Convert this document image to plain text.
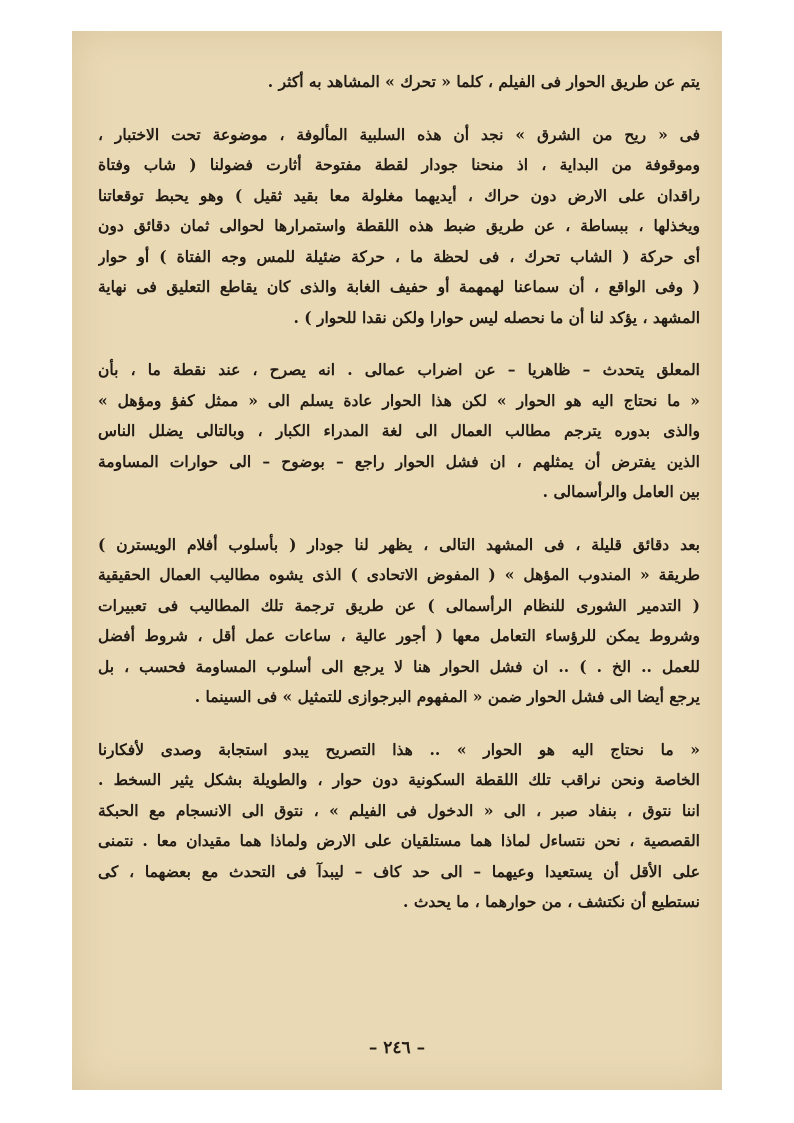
يتم عن طريق الحوار فى الفيلم ، كلما « تحرك » المشاهد به أكثر .
فى « ريح من الشرق » نجد أن هذه السلبية المألوفة ، موضوعة تحت الاختبار ،
وموقوفة من البداية ، اذ منحنا جودار لقطة مفتوحة أثارت فضولنا ( شاب وفتاة
راقدان على الارض دون حراك ، أيديهما مغلولة معا بقيد ثقيل ) وهو يحبط توقعاتنا
ويخذلها ، ببساطة ، عن طريق ضبط هذه اللقطة واستمرارها لحوالى ثمان دقائق دون
أى حركة ( الشاب تحرك ، فى لحظة ما ، حركة ضئيلة للمس وجه الفتاة ) أو حوار
( وفى الواقع ، أن سماعنا لهمهمة أو حفيف الغابة والذى كان يقاطع التعليق فى نهاية
المشهد ، يؤكد لنا أن ما نحصله ليس حوارا ولكن نقدا للحوار ) .
المعلق يتحدث – ظاهريا – عن اضراب عمالى . انه يصرح ، عند نقطة ما ، بأن
« ما نحتاج اليه هو الحوار » لكن هذا الحوار عادة يسلم الى « ممثل كفؤ ومؤهل »
والذى بدوره يترجم مطالب العمال الى لغة المدراء الكبار ، وبالتالى يضلل الناس
الذين يفترض أن يمثلهم ، ان فشل الحوار راجع – بوضوح – الى حوارات المساومة
بين العامل والرأسمالى .
بعد دقائق قليلة ، فى المشهد التالى ، يظهر لنا جودار ( بأسلوب أفلام الويسترن )
طريقة « المندوب المؤهل » ( المفوض الاتحادى ) الذى يشوه مطاليب العمال الحقيقية
( التدمير الشورى للنظام الرأسمالى ) عن طريق ترجمة تلك المطاليب فى تعبيرات
وشروط يمكن للرؤساء التعامل معها ( أجور عالية ، ساعات عمل أقل ، شروط أفضل
للعمل .. الخ . ) .. ان فشل الحوار هنا لا يرجع الى أسلوب المساومة فحسب ، بل
يرجع أيضا الى فشل الحوار ضمن « المفهوم البرجوازى للتمثيل » فى السينما .
« ما نحتاج اليه هو الحوار » .. هذا التصريح يبدو استجابة وصدى لأفكارنا
الخاصة ونحن نراقب تلك اللقطة السكونية دون حوار ، والطويلة بشكل يثير السخط .
اننا نتوق ، بنفاد صبر ، الى « الدخول فى الفيلم » ، نتوق الى الانسجام مع الحبكة
القصصية ، نحن نتساءل لماذا هما مستلقيان على الارض ولماذا هما مقيدان معا . نتمنى
على الأقل أن يستعيدا وعيهما – الى حد كاف – ليبدآ فى التحدث مع بعضهما ، كى
نستطيع أن نكتشف ، من حوارهما ، ما يحدث .
– ٢٤٦ –
